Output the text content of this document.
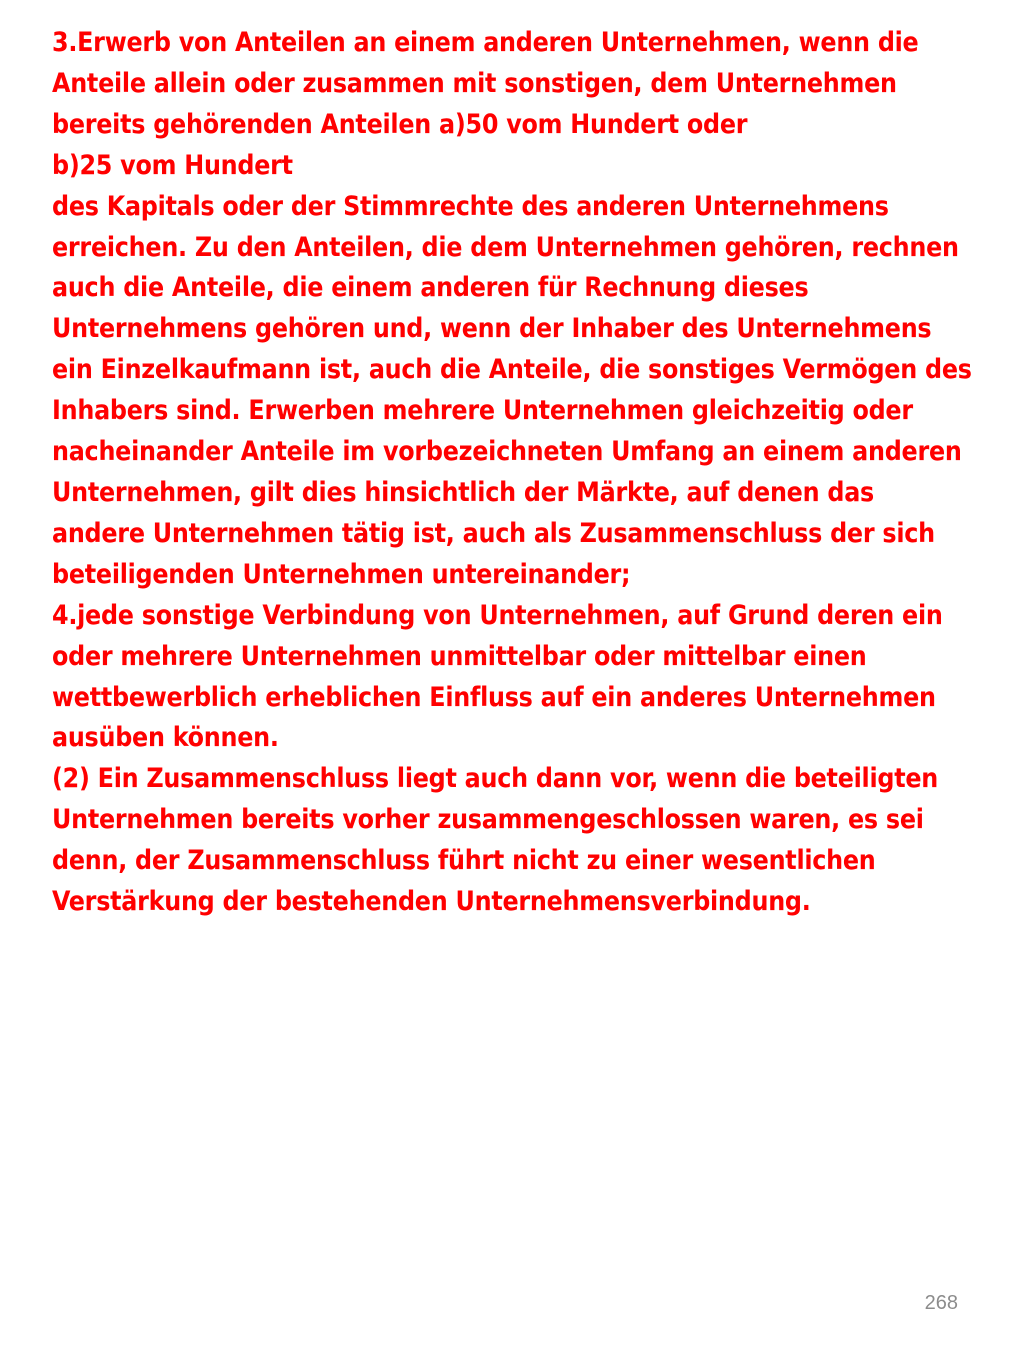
3.Erwerb von Anteilen an einem anderen Unternehmen, wenn die Anteile allein oder zusammen mit sonstigen, dem Unternehmen bereits gehörenden Anteilen a)50 vom Hundert oder

b)25 vom Hundert

des Kapitals oder der Stimmrechte des anderen Unternehmens erreichen. Zu den Anteilen, die dem Unternehmen gehören, rechnen auch die Anteile, die einem anderen für Rechnung dieses Unternehmens gehören und, wenn der Inhaber des Unternehmens ein Einzelkaufmann ist, auch die Anteile, die sonstiges Vermögen des Inhabers sind. Erwerben mehrere Unternehmen gleichzeitig oder nacheinander Anteile im vorbezeichneten Umfang an einem anderen Unternehmen, gilt dies hinsichtlich der Märkte, auf denen das andere Unternehmen tätig ist, auch als Zusammenschluss der sich beteiligenden Unternehmen untereinander;

4.jede sonstige Verbindung von Unternehmen, auf Grund deren ein oder mehrere Unternehmen unmittelbar oder mittelbar einen wettbewerblich erheblichen Einfluss auf ein anderes Unternehmen ausüben können.

(2) Ein Zusammenschluss liegt auch dann vor, wenn die beteiligten Unternehmen bereits vorher zusammengeschlossen waren, es sei denn, der Zusammenschluss führt nicht zu einer wesentlichen Verstärkung der bestehenden Unternehmensverbindung.

268
